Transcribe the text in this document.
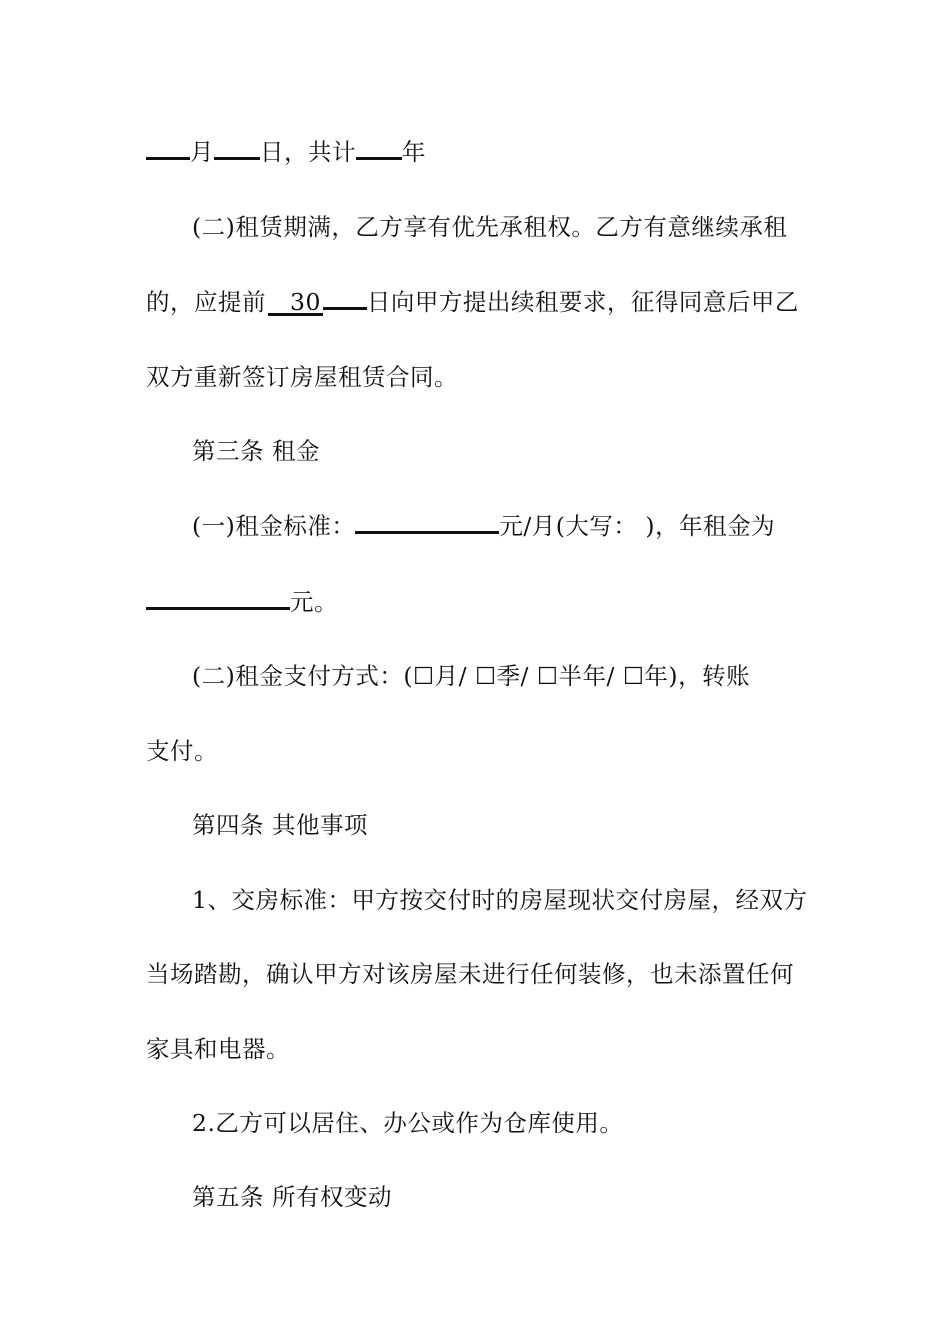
月 日，共计 年
(二)租赁期满，乙方享有优先承租权。乙方有意继续承租
的，应提前 30 日向甲方提出续租要求，征得同意后甲乙
双方重新签订房屋租赁合同。
第三条 租金
(一)租金标准：	元/月(大写： )，年租金为
元。
(二)租金支付方式：(☐月/ ☐季/ ☐半年/ ☐年)，转账
支付。
第四条 其他事项
1、交房标准：甲方按交付时的房屋现状交付房屋，经双方
当场踏勘，确认甲方对该房屋未进行任何装修，也未添置任何
家具和电器。
2.乙方可以居住、办公或作为仓库使用。
第五条 所有权变动
